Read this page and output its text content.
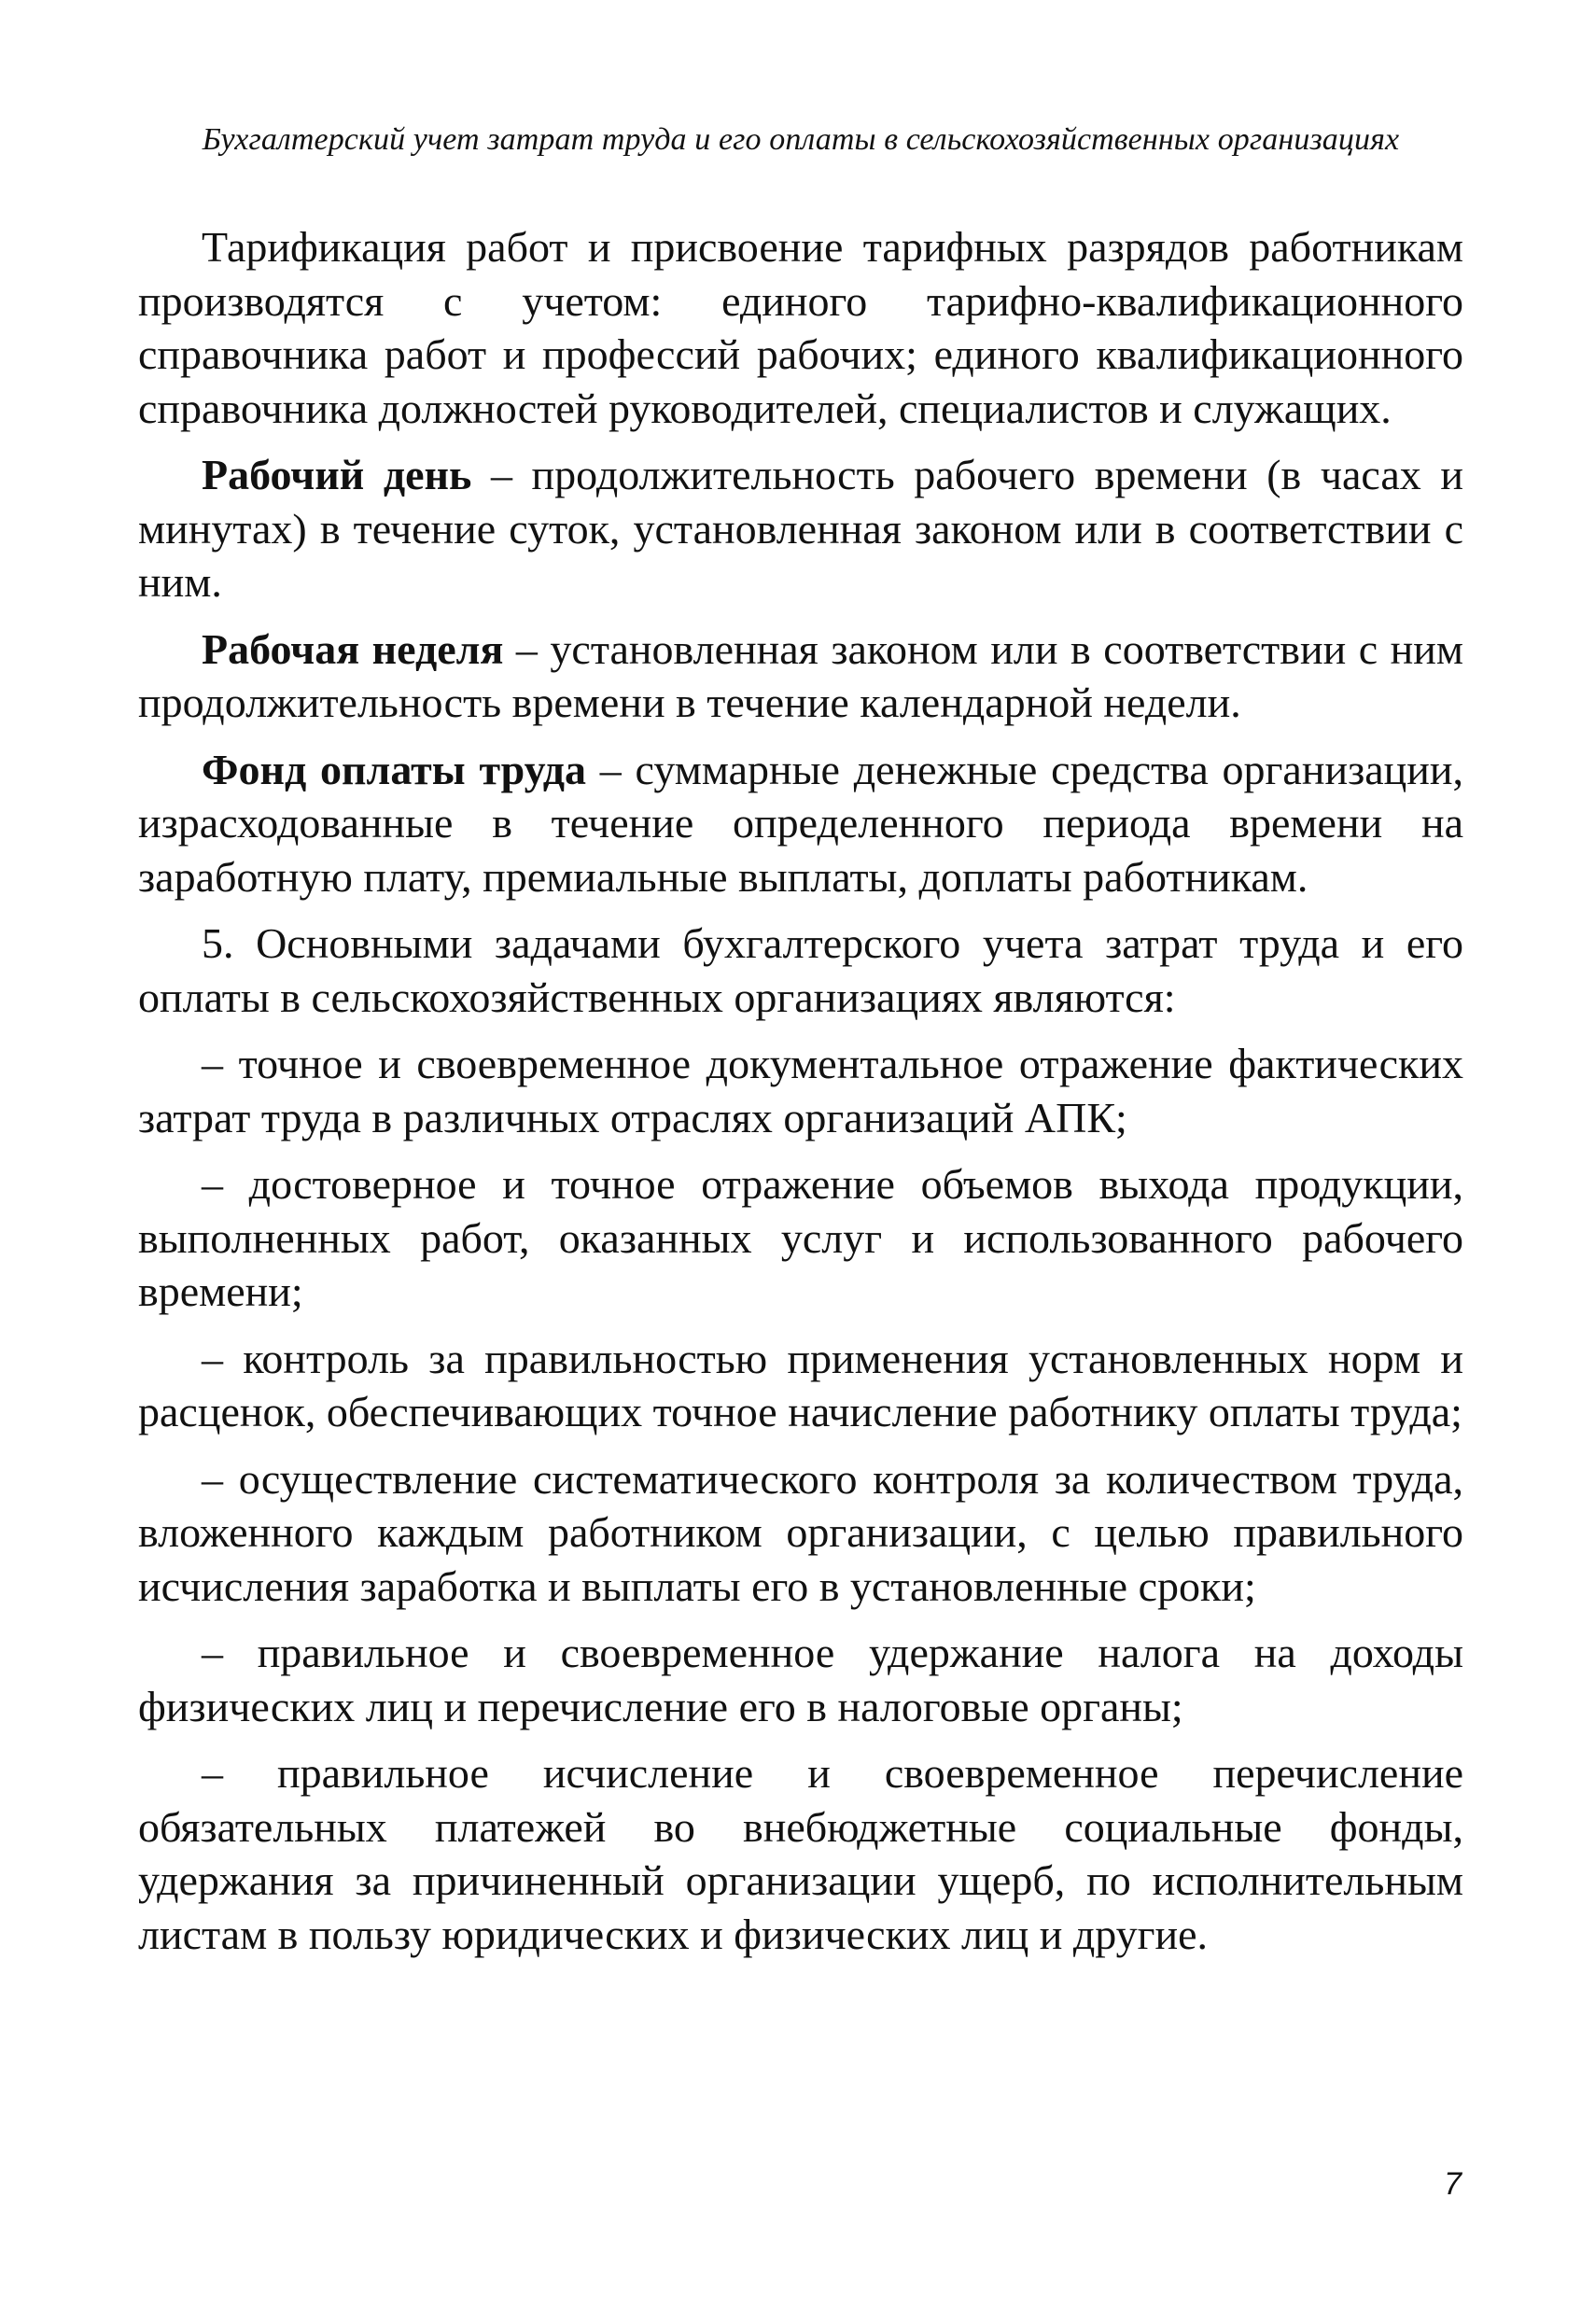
Бухгалтерский учет затрат труда и его оплаты в сельскохозяйственных организациях

Тарификация работ и присвоение тарифных разрядов работникам производятся с учетом: единого тарифно-квалификационного справочника работ и профессий рабочих; единого квалификационного справочника должностей руководителей, специалистов и служащих.

Рабочий день – продолжительность рабочего времени (в часах и минутах) в течение суток, установленная законом или в соответствии с ним.

Рабочая неделя – установленная законом или в соответствии с ним продолжительность времени в течение календарной недели.

Фонд оплаты труда – суммарные денежные средства организации, израсходованные в течение определенного периода времени на заработную плату, премиальные выплаты, доплаты работникам.

5. Основными задачами бухгалтерского учета затрат труда и его оплаты в сельскохозяйственных организациях являются:

– точное и своевременное документальное отражение фактических затрат труда в различных отраслях организаций АПК;

– достоверное и точное отражение объемов выхода продукции, выполненных работ, оказанных услуг и использованного рабочего времени;

– контроль за правильностью применения установленных норм и расценок, обеспечивающих точное начисление работнику оплаты труда;

– осуществление систематического контроля за количеством труда, вложенного каждым работником организации, с целью правильного исчисления заработка и выплаты его в установленные сроки;

– правильное и своевременное удержание налога на доходы физических лиц и перечисление его в налоговые органы;

– правильное исчисление и своевременное перечисление обязательных платежей во внебюджетные социальные фонды, удержания за причиненный организации ущерб, по исполнительным листам в пользу юридических и физических лиц и другие.

7
